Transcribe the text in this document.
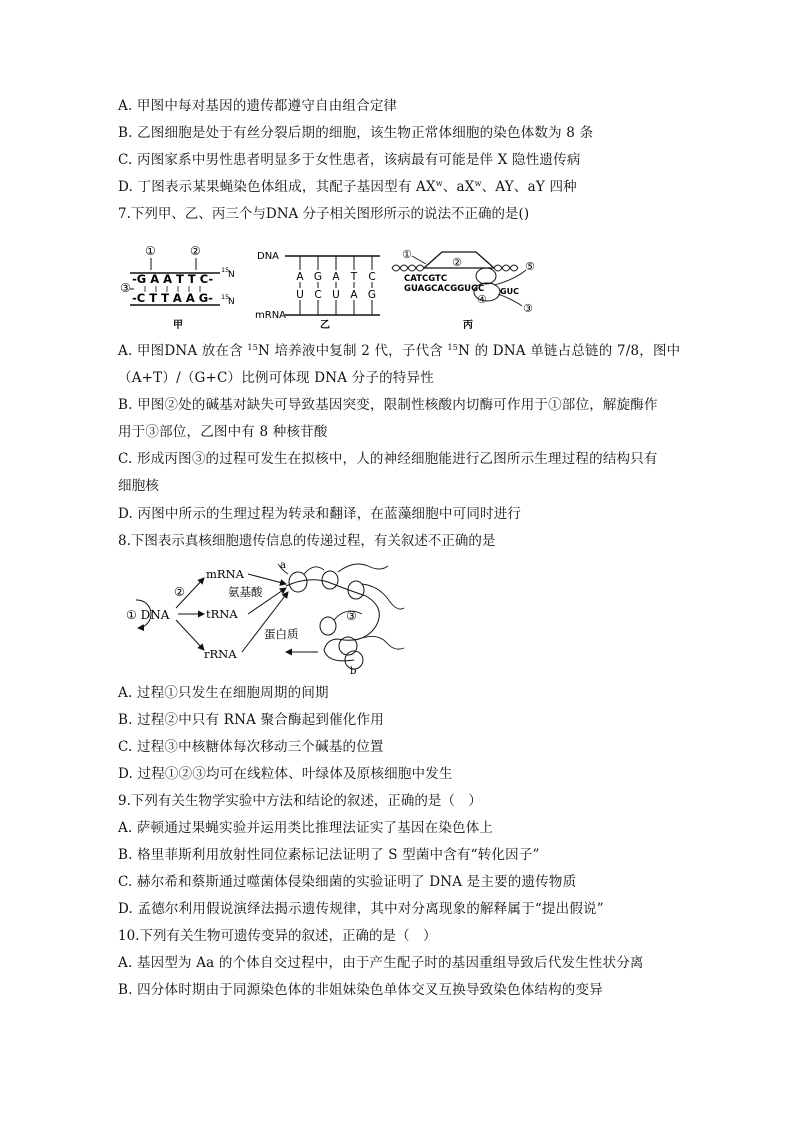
A. 甲图中每对基因的遗传都遵守自由组合定律
B. 乙图细胞是处于有丝分裂后期的细胞，该生物正常体细胞的染色体数为 8 条
C. 丙图家系中男性患者明显多于女性患者，该病最有可能是伴 X 隐性遗传病
D. 丁图表示某果蝇染色体组成，其配子基因型有 $AX^w$、$aX^w$、AY、aY 四种
7.下列甲、乙、丙三个与DNA 分子相关图形所示的说法不正确的是()
①	②
-G A A T T C-
③
-C T T A A G-
15
N
15
N
甲
DNA
A G A T C
U C U A G
mRNA
乙
①
②
CATCGTC
GUAGCACGGUGC GUC
④
⑤
③
丙
A. 甲图DNA 放在含 $^{15}$N 培养液中复制 2 代，子代含 $^{15}$N 的 DNA 单链占总链的 7/8，图中
（A+T）/（G+C）比例可体现 DNA 分子的特异性
B. 甲图②处的碱基对缺失可导致基因突变，限制性核酸内切酶可作用于①部位，解旋酶作
用于③部位，乙图中有 8 种核苷酸
C. 形成丙图③的过程可发生在拟核中，人的神经细胞能进行乙图所示生理过程的结构只有
细胞核
D. 丙图中所示的生理过程为转录和翻译，在蓝藻细胞中可同时进行
8.下图表示真核细胞遗传信息的传递过程，有关叙述不正确的是
① DNA
②
mRNA
tRNA
rRNA
氨基酸
a
③
b
蛋白质
A. 过程①只发生在细胞周期的间期
B. 过程②中只有 RNA 聚合酶起到催化作用
C. 过程③中核糖体每次移动三个碱基的位置
D. 过程①②③均可在线粒体、叶绿体及原核细胞中发生
9.下列有关生物学实验中方法和结论的叙述，正确的是（　）
A. 萨顿通过果蝇实验并运用类比推理法证实了基因在染色体上
B. 格里菲斯利用放射性同位素标记法证明了 S 型菌中含有“转化因子”
C. 赫尔希和蔡斯通过噬菌体侵染细菌的实验证明了 DNA 是主要的遗传物质
D. 孟德尔利用假说演绎法揭示遗传规律，其中对分离现象的解释属于“提出假说”
10.下列有关生物可遗传变异的叙述，正确的是（　）
A. 基因型为 Aa 的个体自交过程中，由于产生配子时的基因重组导致后代发生性状分离
B. 四分体时期由于同源染色体的非姐妹染色单体交叉互换导致染色体结构的变异
